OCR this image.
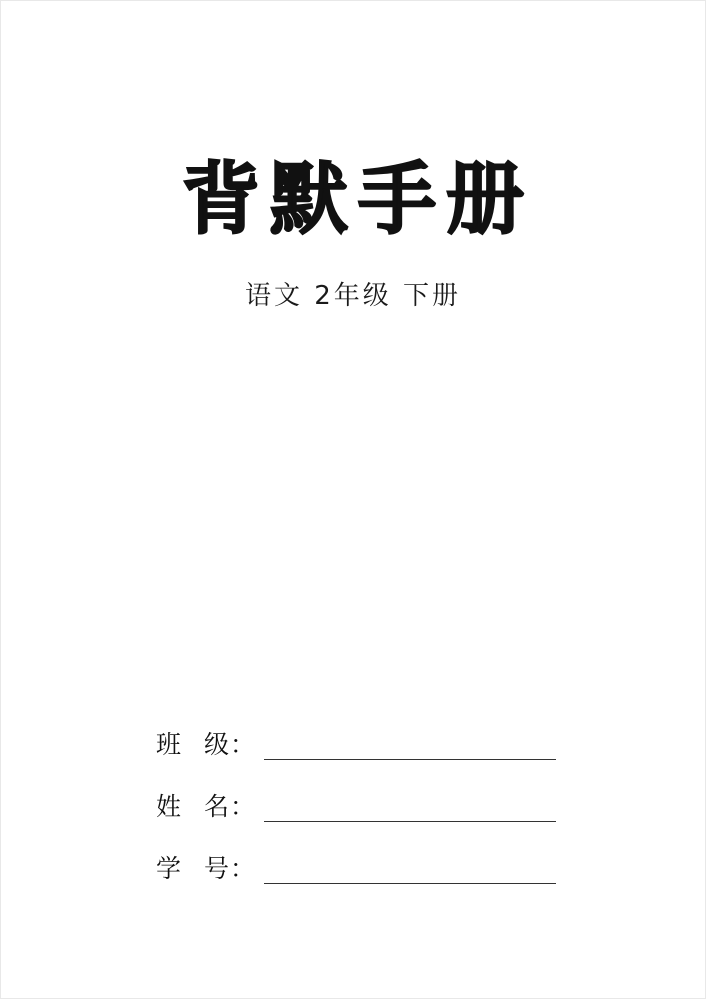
背默手册
语文 2年级 下册
班 级：
姓 名：
学 号：
